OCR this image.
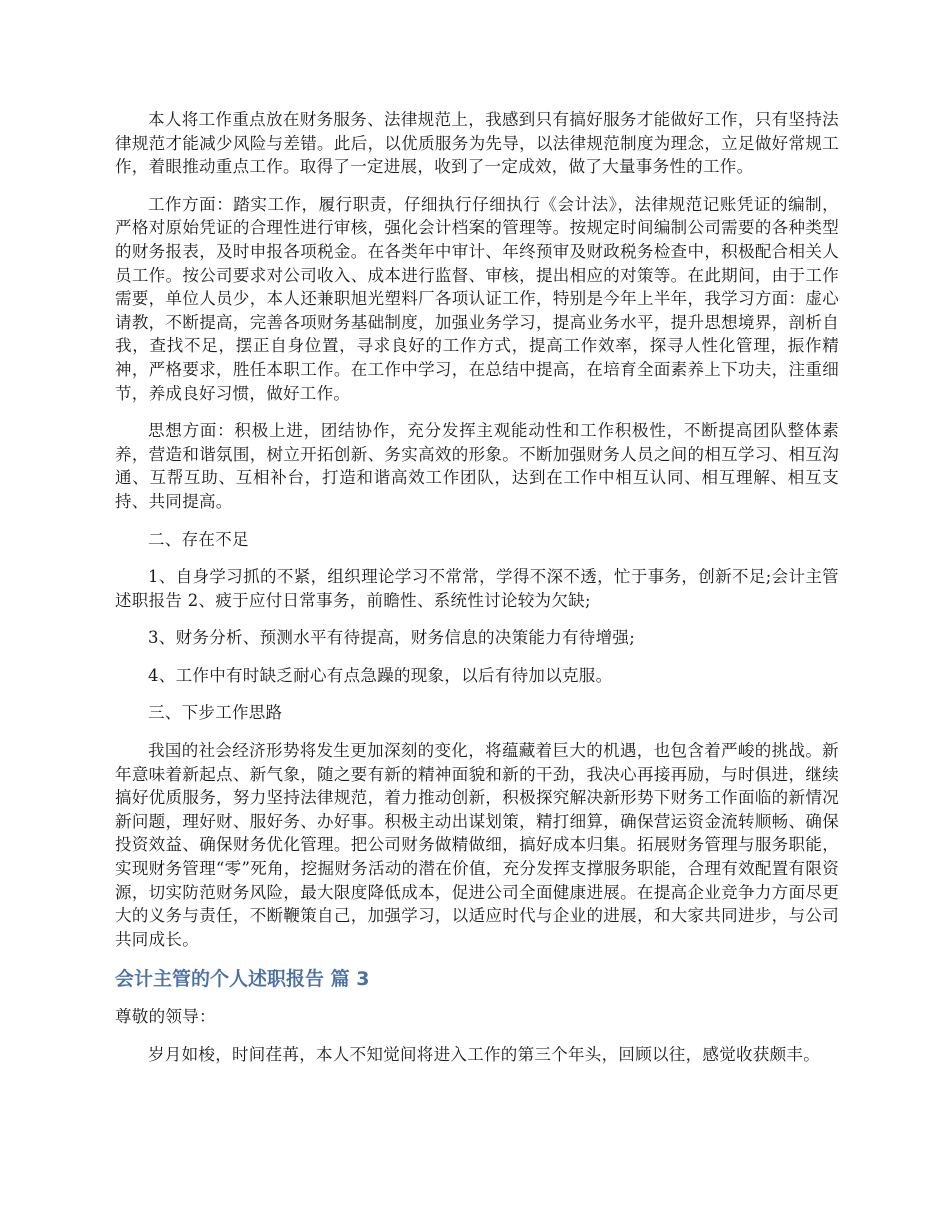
本人将工作重点放在财务服务、法律规范上，我感到只有搞好服务才能做好工作，只有坚持法律规范才能减少风险与差错。此后，以优质服务为先导，以法律规范制度为理念，立足做好常规工作，着眼推动重点工作。取得了一定进展，收到了一定成效，做了大量事务性的工作。

工作方面：踏实工作，履行职责，仔细执行仔细执行《会计法》，法律规范记账凭证的编制，严格对原始凭证的合理性进行审核，强化会计档案的管理等。按规定时间编制公司需要的各种类型的财务报表，及时申报各项税金。在各类年中审计、年终预审及财政税务检查中，积极配合相关人员工作。按公司要求对公司收入、成本进行监督、审核，提出相应的对策等。在此期间，由于工作需要，单位人员少，本人还兼职旭光塑料厂各项认证工作，特别是今年上半年，我学习方面：虚心请教，不断提高，完善各项财务基础制度，加强业务学习，提高业务水平，提升思想境界，剖析自我，查找不足，摆正自身位置，寻求良好的工作方式，提高工作效率，探寻人性化管理，振作精神，严格要求，胜任本职工作。在工作中学习，在总结中提高，在培育全面素养上下功夫，注重细节，养成良好习惯，做好工作。

思想方面：积极上进，团结协作，充分发挥主观能动性和工作积极性，不断提高团队整体素养，营造和谐氛围，树立开拓创新、务实高效的形象。不断加强财务人员之间的相互学习、相互沟通、互帮互助、互相补台，打造和谐高效工作团队，达到在工作中相互认同、相互理解、相互支持、共同提高。

二、存在不足

1、自身学习抓的不紧，组织理论学习不常常，学得不深不透，忙于事务，创新不足;会计主管述职报告 2、疲于应付日常事务，前瞻性、系统性讨论较为欠缺;

3、财务分析、预测水平有待提高，财务信息的决策能力有待增强;

4、工作中有时缺乏耐心有点急躁的现象，以后有待加以克服。

三、下步工作思路

我国的社会经济形势将发生更加深刻的变化，将蕴藏着巨大的机遇，也包含着严峻的挑战。新年意味着新起点、新气象，随之要有新的精神面貌和新的干劲，我决心再接再励，与时俱进，继续搞好优质服务，努力坚持法律规范，着力推动创新，积极探究解决新形势下财务工作面临的新情况新问题，理好财、服好务、办好事。积极主动出谋划策，精打细算，确保营运资金流转顺畅、确保投资效益、确保财务优化管理。把公司财务做精做细，搞好成本归集。拓展财务管理与服务职能，实现财务管理“零”死角，挖掘财务活动的潜在价值，充分发挥支撑服务职能，合理有效配置有限资源，切实防范财务风险，最大限度降低成本，促进公司全面健康进展。在提高企业竞争力方面尽更大的义务与责任，不断鞭策自己，加强学习，以适应时代与企业的进展，和大家共同进步，与公司共同成长。

会计主管的个人述职报告 篇 3

尊敬的领导：

岁月如梭，时间荏苒，本人不知觉间将进入工作的第三个年头，回顾以往，感觉收获颇丰。
